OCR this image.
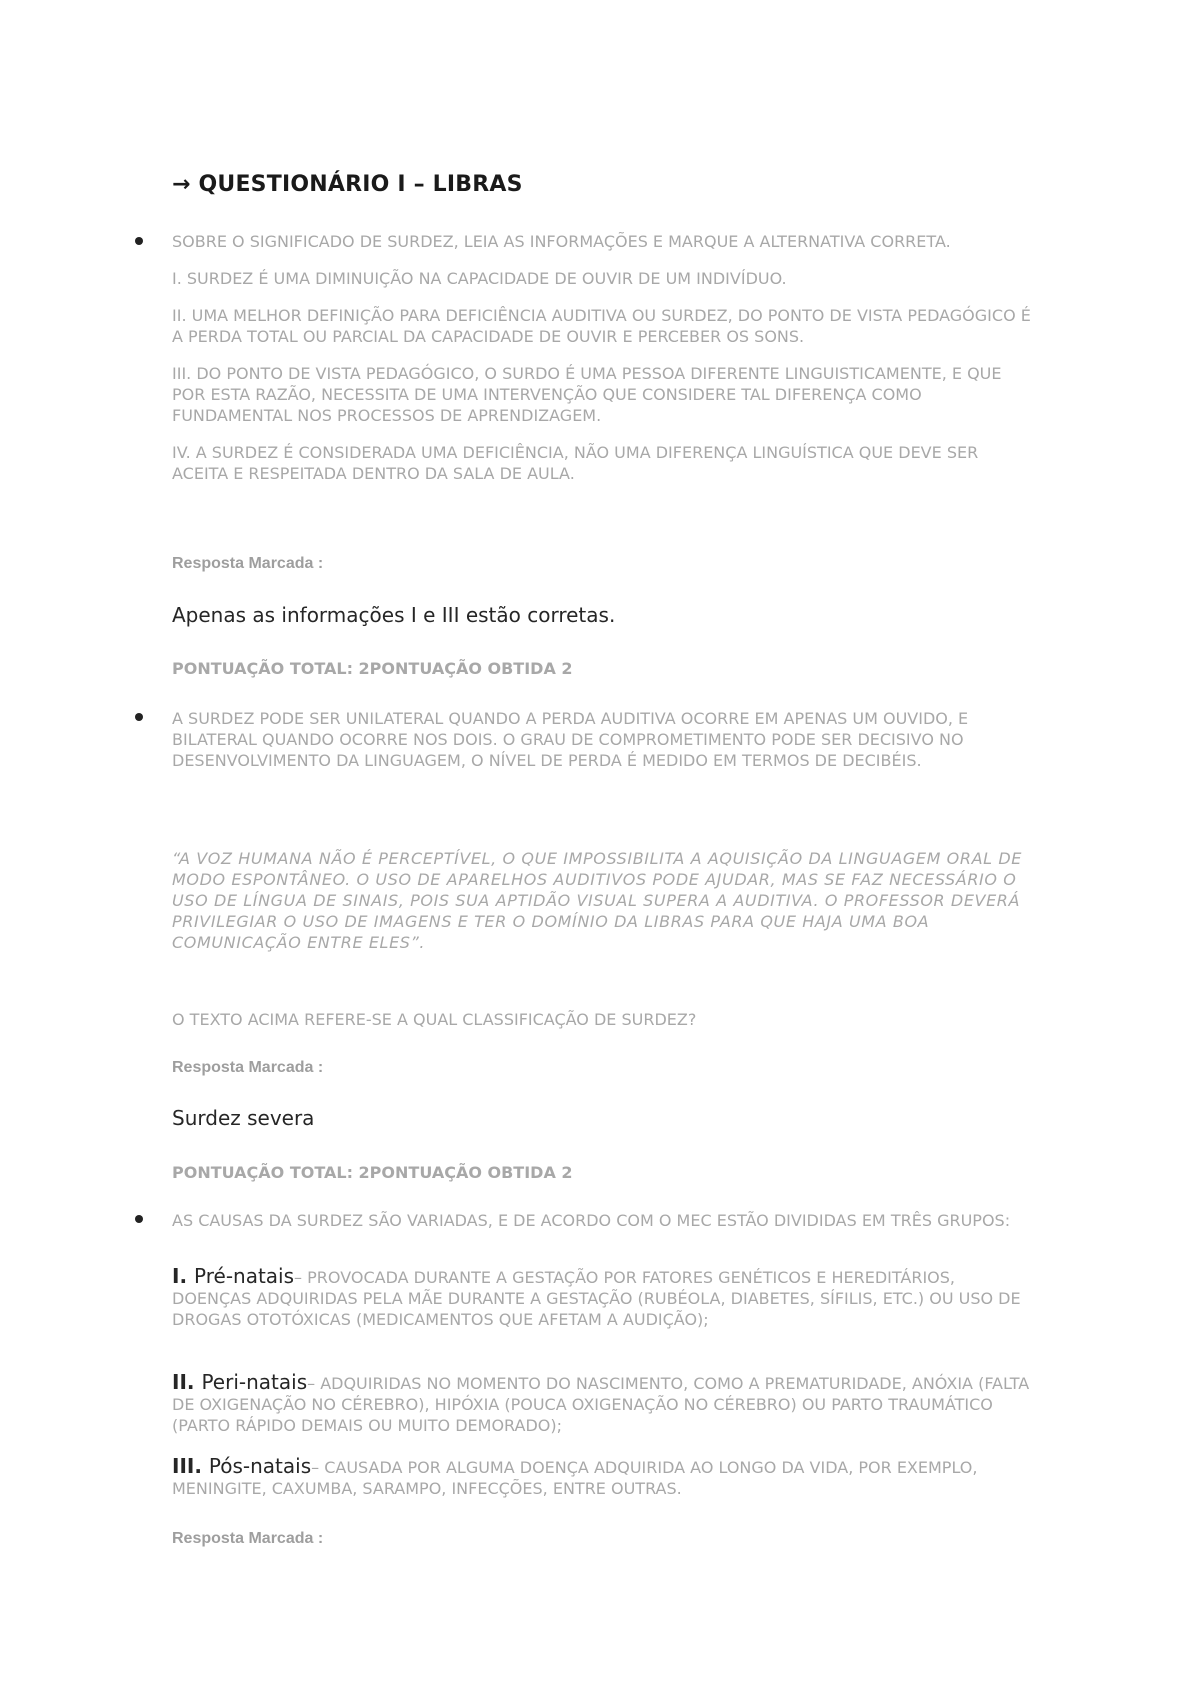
→ QUESTIONÁRIO I – LIBRAS

SOBRE O SIGNIFICADO DE SURDEZ, LEIA AS INFORMAÇÕES E MARQUE A ALTERNATIVA CORRETA.

I. SURDEZ É UMA DIMINUIÇÃO NA CAPACIDADE DE OUVIR DE UM INDIVÍDUO.

II. UMA MELHOR DEFINIÇÃO PARA DEFICIÊNCIA AUDITIVA OU SURDEZ, DO PONTO DE VISTA PEDAGÓGICO É A PERDA TOTAL OU PARCIAL DA CAPACIDADE DE OUVIR E PERCEBER OS SONS.

III. DO PONTO DE VISTA PEDAGÓGICO, O SURDO É UMA PESSOA DIFERENTE LINGUISTICAMENTE, E QUE POR ESTA RAZÃO, NECESSITA DE UMA INTERVENÇÃO QUE CONSIDERE TAL DIFERENÇA COMO FUNDAMENTAL NOS PROCESSOS DE APRENDIZAGEM.

IV. A SURDEZ É CONSIDERADA UMA DEFICIÊNCIA, NÃO UMA DIFERENÇA LINGUÍSTICA QUE DEVE SER ACEITA E RESPEITADA DENTRO DA SALA DE AULA.

Resposta Marcada :

Apenas as informações I e III estão corretas.

PONTUAÇÃO TOTAL: 2PONTUAÇÃO OBTIDA 2

A SURDEZ PODE SER UNILATERAL QUANDO A PERDA AUDITIVA OCORRE EM APENAS UM OUVIDO, E BILATERAL QUANDO OCORRE NOS DOIS. O GRAU DE COMPROMETIMENTO PODE SER DECISIVO NO DESENVOLVIMENTO DA LINGUAGEM, O NÍVEL DE PERDA É MEDIDO EM TERMOS DE DECIBÉIS.

“A VOZ HUMANA NÃO É PERCEPTÍVEL, O QUE IMPOSSIBILITA A AQUISIÇÃO DA LINGUAGEM ORAL DE MODO ESPONTÂNEO. O USO DE APARELHOS AUDITIVOS PODE AJUDAR, MAS SE FAZ NECESSÁRIO O USO DE LÍNGUA DE SINAIS, POIS SUA APTIDÃO VISUAL SUPERA A AUDITIVA. O PROFESSOR DEVERÁ PRIVILEGIAR O USO DE IMAGENS E TER O DOMÍNIO DA LIBRAS PARA QUE HAJA UMA BOA COMUNICAÇÃO ENTRE ELES”.

O TEXTO ACIMA REFERE-SE A QUAL CLASSIFICAÇÃO DE SURDEZ?

Resposta Marcada :

Surdez severa

PONTUAÇÃO TOTAL: 2PONTUAÇÃO OBTIDA 2

AS CAUSAS DA SURDEZ SÃO VARIADAS, E DE ACORDO COM O MEC ESTÃO DIVIDIDAS EM TRÊS GRUPOS:

I. Pré-natais– PROVOCADA DURANTE A GESTAÇÃO POR FATORES GENÉTICOS E HEREDITÁRIOS, DOENÇAS ADQUIRIDAS PELA MÃE DURANTE A GESTAÇÃO (RUBÉOLA, DIABETES, SÍFILIS, ETC.) OU USO DE DROGAS OTOTÓXICAS (MEDICAMENTOS QUE AFETAM A AUDIÇÃO);

II. Peri-natais– ADQUIRIDAS NO MOMENTO DO NASCIMENTO, COMO A PREMATURIDADE, ANÓXIA (FALTA DE OXIGENAÇÃO NO CÉREBRO), HIPÓXIA (POUCA OXIGENAÇÃO NO CÉREBRO) OU PARTO TRAUMÁTICO (PARTO RÁPIDO DEMAIS OU MUITO DEMORADO);

III. Pós-natais– CAUSADA POR ALGUMA DOENÇA ADQUIRIDA AO LONGO DA VIDA, POR EXEMPLO, MENINGITE, CAXUMBA, SARAMPO, INFECÇÕES, ENTRE OUTRAS.

Resposta Marcada :
